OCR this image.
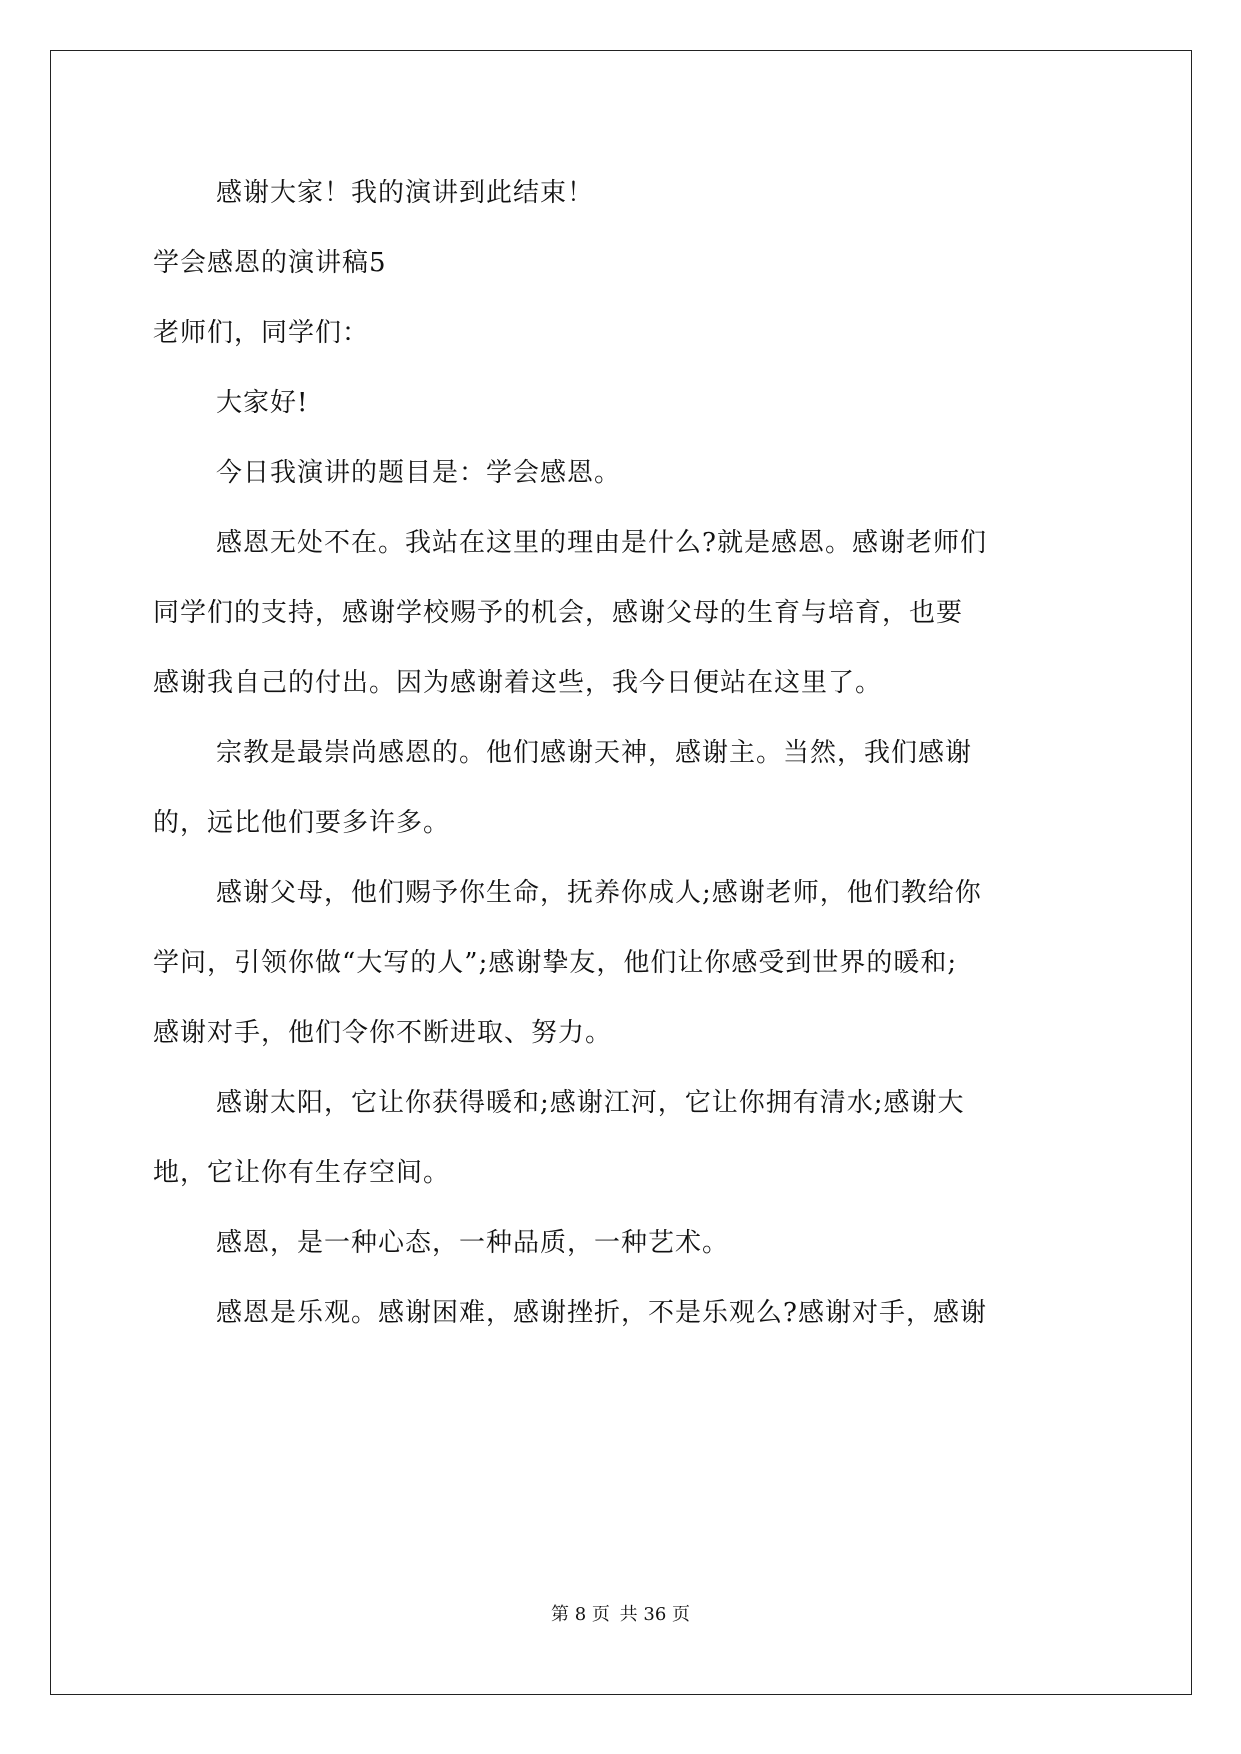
感谢大家！我的演讲到此结束！
学会感恩的演讲稿5
老师们，同学们：
大家好!
今日我演讲的题目是：学会感恩。
感恩无处不在。我站在这里的理由是什么?就是感恩。感谢老师们
同学们的支持，感谢学校赐予的机会，感谢父母的生育与培育，也要
感谢我自己的付出。因为感谢着这些，我今日便站在这里了。
宗教是最崇尚感恩的。他们感谢天神，感谢主。当然，我们感谢
的，远比他们要多许多。
感谢父母，他们赐予你生命，抚养你成人;感谢老师，他们教给你
学问，引领你做“大写的人”;感谢挚友，他们让你感受到世界的暖和;
感谢对手，他们令你不断进取、努力。
感谢太阳，它让你获得暖和;感谢江河，它让你拥有清水;感谢大
地，它让你有生存空间。
感恩，是一种心态，一种品质，一种艺术。
感恩是乐观。感谢困难，感谢挫折，不是乐观么?感谢对手，感谢
第 8 页 共 36 页
